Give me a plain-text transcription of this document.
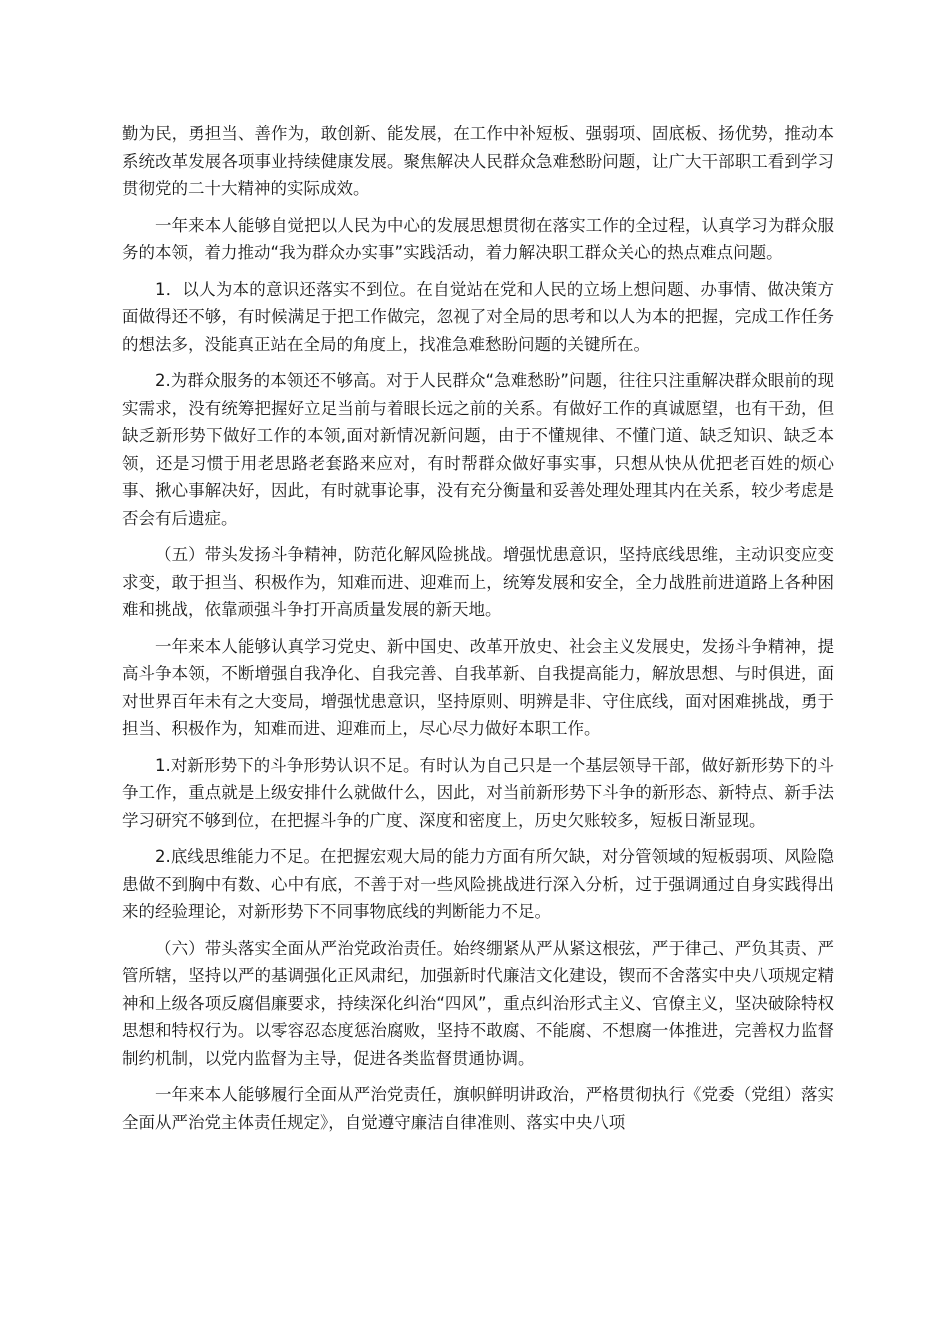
勤为民，勇担当、善作为，敢创新、能发展，在工作中补短板、强弱项、固底板、扬优势，推动本系统改革发展各项事业持续健康发展。聚焦解决人民群众急难愁盼问题，让广大干部职工看到学习贯彻党的二十大精神的实际成效。

一年来本人能够自觉把以人民为中心的发展思想贯彻在落实工作的全过程，认真学习为群众服务的本领，着力推动“我为群众办实事”实践活动，着力解决职工群众关心的热点难点问题。

1．以人为本的意识还落实不到位。在自觉站在党和人民的立场上想问题、办事情、做决策方面做得还不够，有时候满足于把工作做完，忽视了对全局的思考和以人为本的把握，完成工作任务的想法多，没能真正站在全局的角度上，找准急难愁盼问题的关键所在。

2.为群众服务的本领还不够高。对于人民群众“急难愁盼”问题，往往只注重解决群众眼前的现实需求，没有统筹把握好立足当前与着眼长远之前的关系。有做好工作的真诚愿望，也有干劲，但缺乏新形势下做好工作的本领,面对新情况新问题，由于不懂规律、不懂门道、缺乏知识、缺乏本领，还是习惯于用老思路老套路来应对，有时帮群众做好事实事，只想从快从优把老百姓的烦心事、揪心事解决好，因此，有时就事论事，没有充分衡量和妥善处理处理其内在关系，较少考虑是否会有后遗症。

（五）带头发扬斗争精神，防范化解风险挑战。增强忧患意识，坚持底线思维，主动识变应变求变，敢于担当、积极作为，知难而进、迎难而上，统筹发展和安全，全力战胜前进道路上各种困难和挑战，依靠顽强斗争打开高质量发展的新天地。

一年来本人能够认真学习党史、新中国史、改革开放史、社会主义发展史，发扬斗争精神，提高斗争本领，不断增强自我净化、自我完善、自我革新、自我提高能力，解放思想、与时俱进，面对世界百年未有之大变局，增强忧患意识，坚持原则、明辨是非、守住底线，面对困难挑战，勇于担当、积极作为，知难而进、迎难而上，尽心尽力做好本职工作。

1.对新形势下的斗争形势认识不足。有时认为自己只是一个基层领导干部，做好新形势下的斗争工作，重点就是上级安排什么就做什么，因此，对当前新形势下斗争的新形态、新特点、新手法学习研究不够到位，在把握斗争的广度、深度和密度上，历史欠账较多，短板日渐显现。

2.底线思维能力不足。在把握宏观大局的能力方面有所欠缺，对分管领域的短板弱项、风险隐患做不到胸中有数、心中有底，不善于对一些风险挑战进行深入分析，过于强调通过自身实践得出来的经验理论，对新形势下不同事物底线的判断能力不足。

（六）带头落实全面从严治党政治责任。始终绷紧从严从紧这根弦，严于律己、严负其责、严管所辖，坚持以严的基调强化正风肃纪，加强新时代廉洁文化建设，锲而不舍落实中央八项规定精神和上级各项反腐倡廉要求，持续深化纠治“四风”，重点纠治形式主义、官僚主义，坚决破除特权思想和特权行为。以零容忍态度惩治腐败，坚持不敢腐、不能腐、不想腐一体推进，完善权力监督制约机制，以党内监督为主导，促进各类监督贯通协调。

一年来本人能够履行全面从严治党责任，旗帜鲜明讲政治，严格贯彻执行《党委（党组）落实全面从严治党主体责任规定》，自觉遵守廉洁自律准则、落实中央八项
